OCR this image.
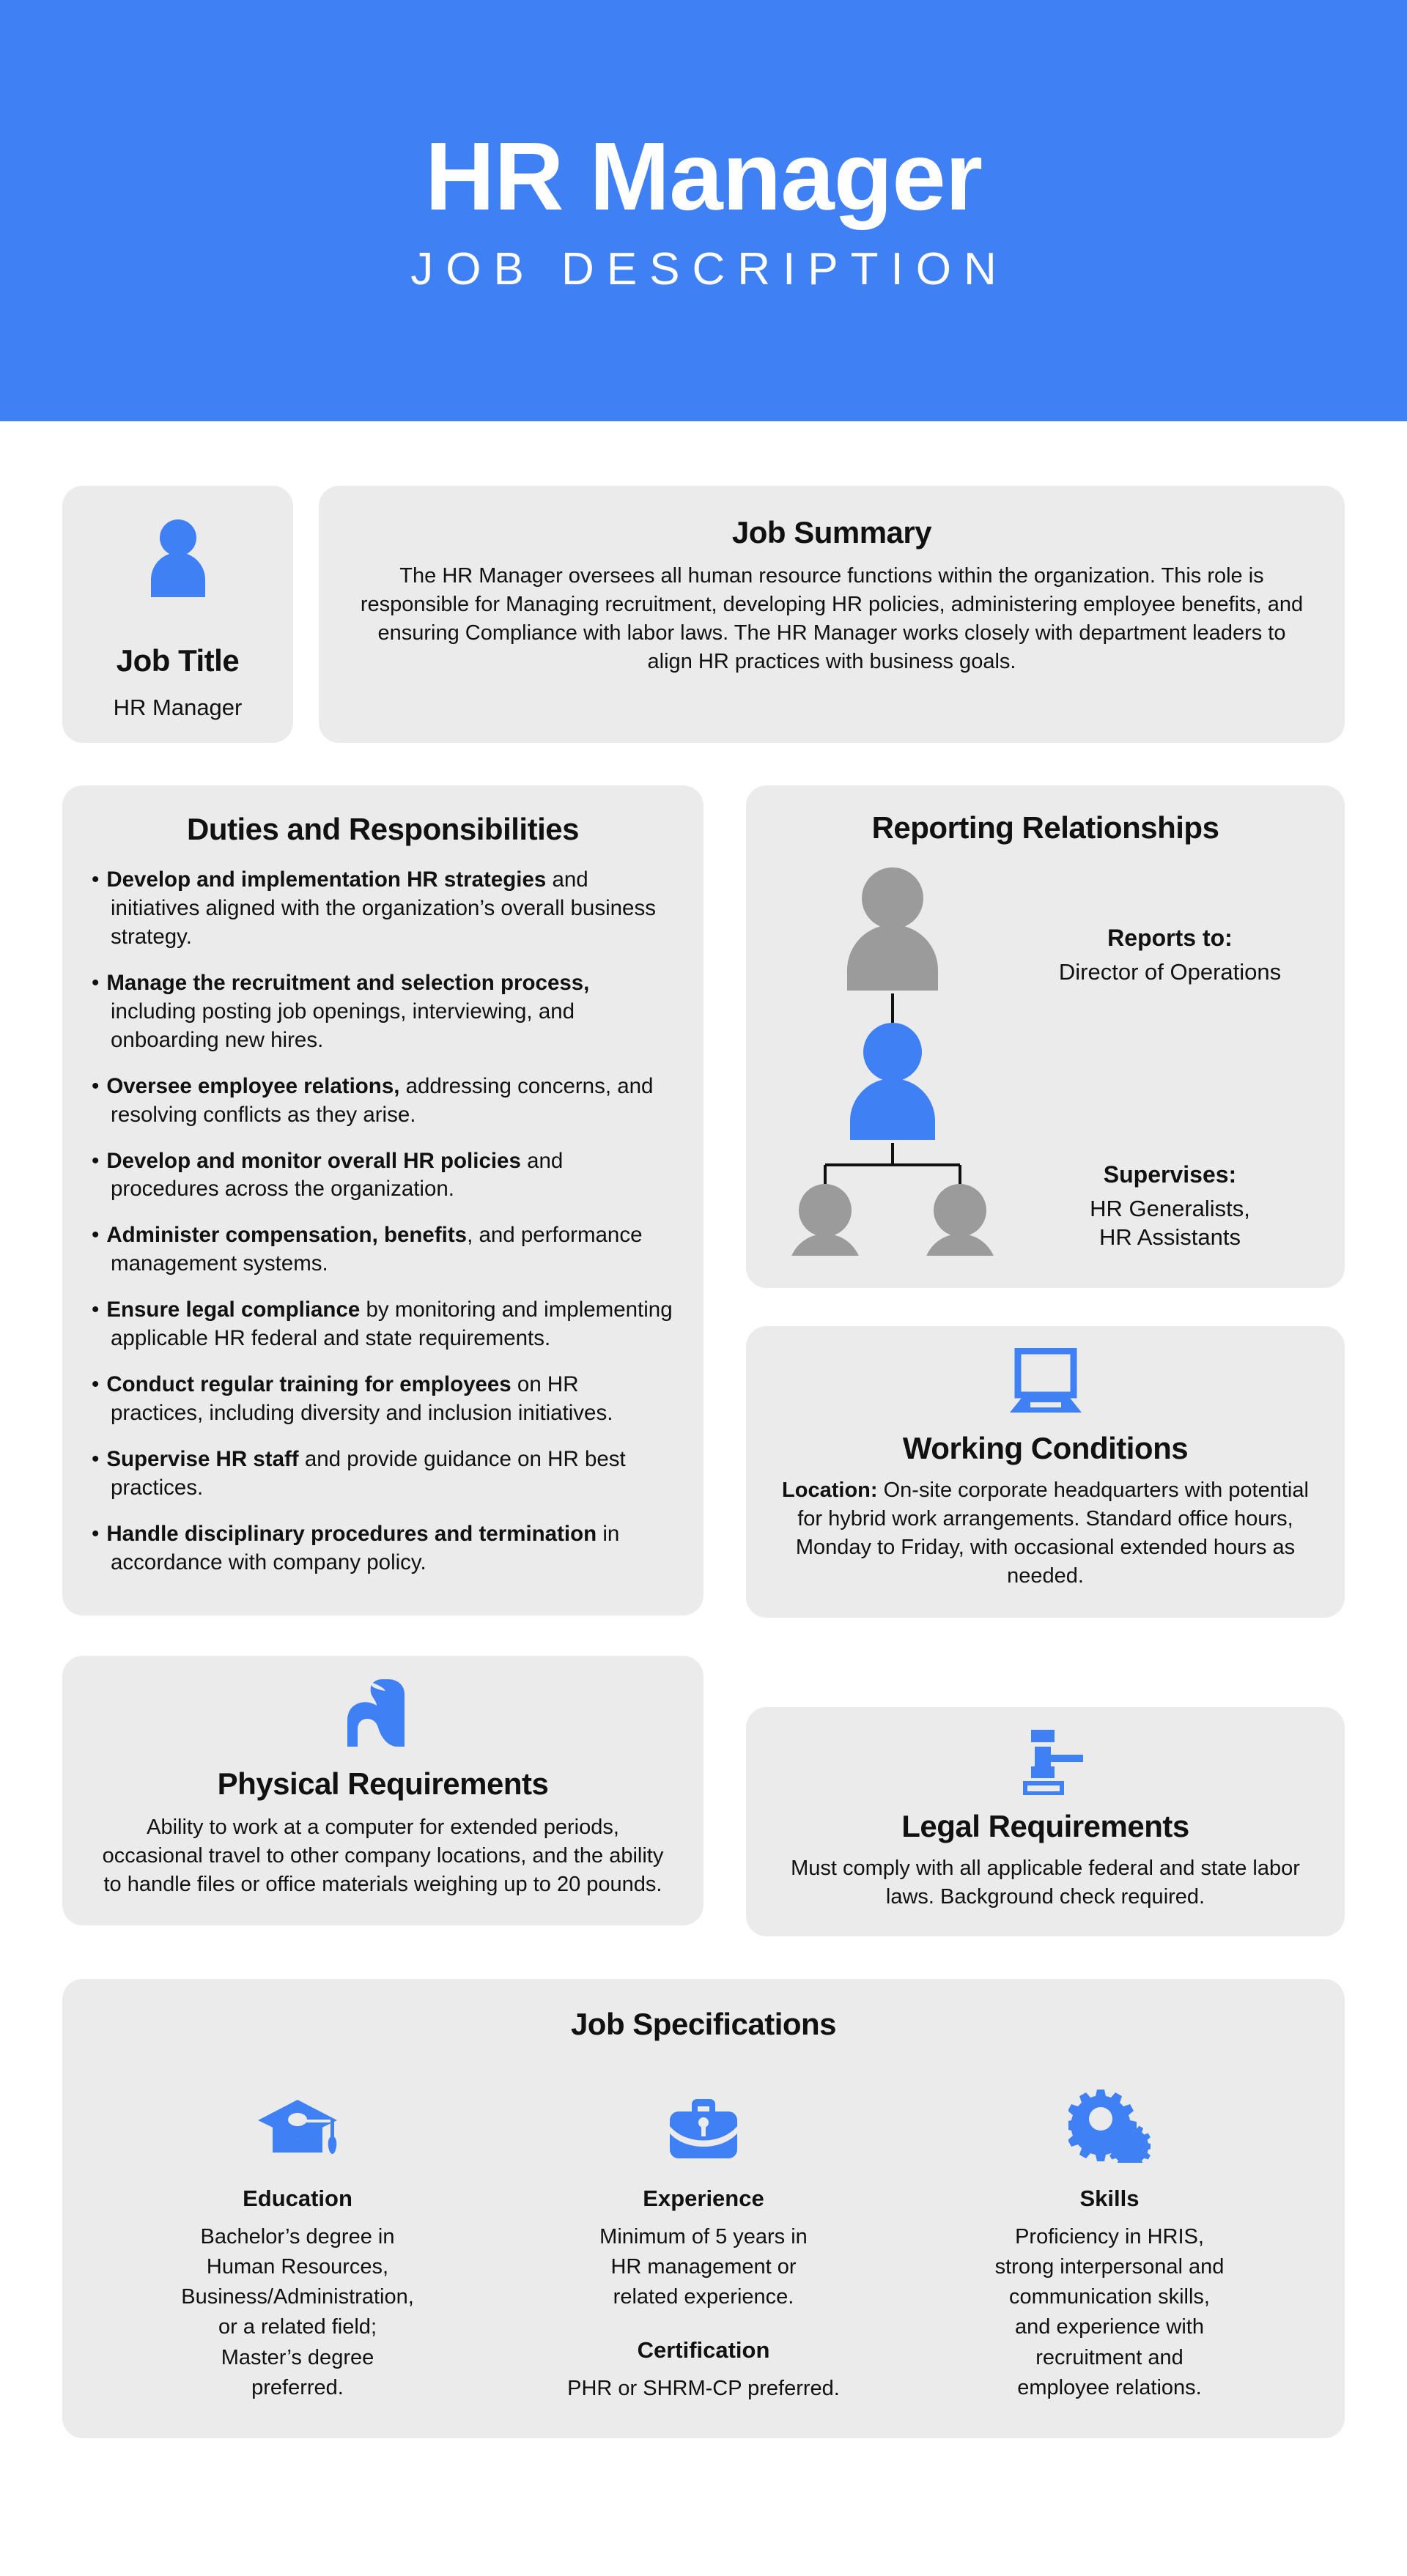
HR Manager
JOB DESCRIPTION
Job Title
HR Manager
Job Summary
The HR Manager oversees all human resource functions within the organization. This role is responsible for Managing recruitment, developing HR policies, administering employee benefits, and ensuring Compliance with labor laws. The HR Manager works closely with department leaders to align HR practices with business goals.
Duties and Responsibilities
• Develop and implementation HR strategies and initiatives aligned with the organization’s overall business strategy.
• Manage the recruitment and selection process, including posting job openings, interviewing, and onboarding new hires.
• Oversee employee relations, addressing concerns, and resolving conflicts as they arise.
• Develop and monitor overall HR policies and procedures across the organization.
• Administer compensation, benefits, and performance management systems.
• Ensure legal compliance by monitoring and implementing applicable HR federal and state requirements.
• Conduct regular training for employees on HR practices, including diversity and inclusion initiatives.
• Supervise HR staff and provide guidance on HR best practices.
• Handle disciplinary procedures and termination in accordance with company policy.
Reporting Relationships
Reports to:
Director of Operations
Supervises:
HR Generalists,
HR Assistants
Working Conditions
Location: On-site corporate headquarters with potential for hybrid work arrangements. Standard office hours, Monday to Friday, with occasional extended hours as needed.
Physical Requirements
Ability to work at a computer for extended periods, occasional travel to other company locations, and the ability to handle files or office materials weighing up to 20 pounds.
Legal Requirements
Must comply with all applicable federal and state labor laws. Background check required.
Job Specifications
Education
Bachelor’s degree in Human Resources, Business/Administration, or a related field; Master’s degree preferred.
Experience
Minimum of 5 years in HR management or related experience.
Certification
PHR or SHRM-CP preferred.
Skills
Proficiency in HRIS, strong interpersonal and communication skills, and experience with recruitment and employee relations.
